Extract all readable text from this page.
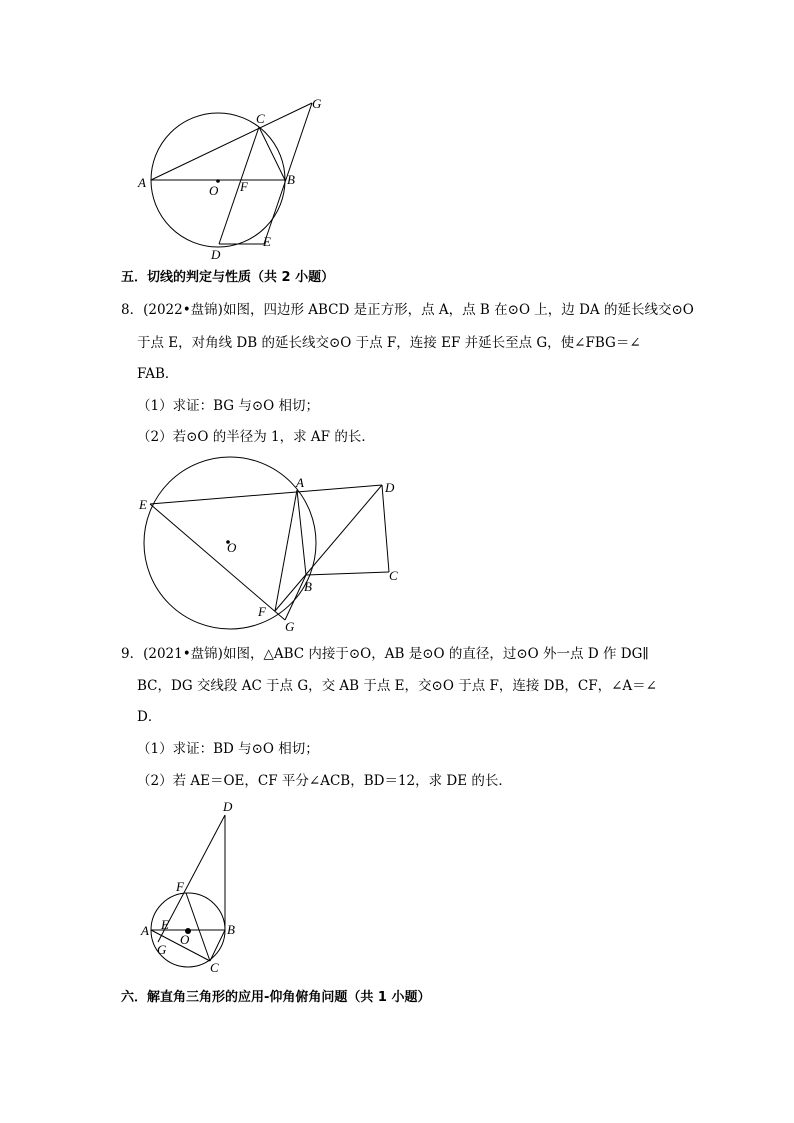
A
O F	B
C
G
D
E
五．切线的判定与性质（共 2 小题）
8．(2022•盘锦)如图，四边形 ABCD 是正方形，点 A，点 B 在⊙O 上，边 DA 的延长线交⊙O
于点 E，对角线 DB 的延长线交⊙O 于点 F，连接 EF 并延长至点 G，使∠FBG＝∠
FAB．
（1）求证：BG 与⊙O 相切；
（2）若⊙O 的半径为 1，求 AF 的长．
E
A	D
O
C
B
F
G
9．(2021•盘锦)如图，△ABC 内接于⊙O，AB 是⊙O 的直径，过⊙O 外一点 D 作 DG∥
BC，DG 交线段 AC 于点 G，交 AB 于点 E，交⊙O 于点 F，连接 DB，CF，∠A＝∠
D．
（1）求证：BD 与⊙O 相切；
（2）若 AE＝OE，CF 平分∠ACB，BD＝12，求 DE 的长．
D
F
E
A
O
B
G
C
六．解直角三角形的应用-仰角俯角问题（共 1 小题）
